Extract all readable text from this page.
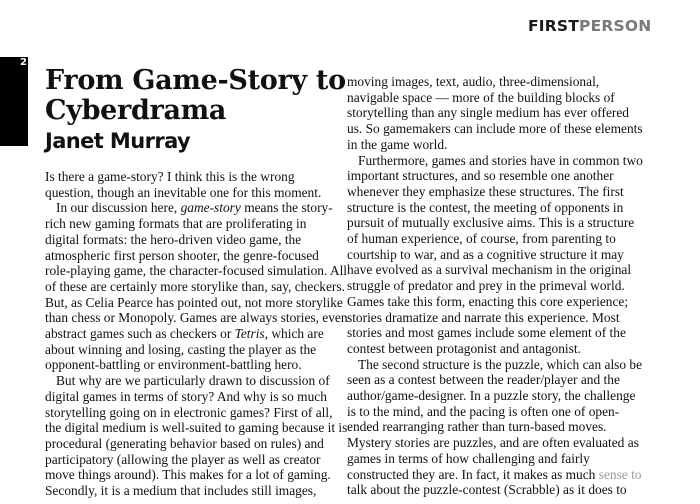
FIRSTPERSON
2
From Game-Story to
Cyberdrama
Janet Murray
Is there a game-story? I think this is the wrong
question, though an inevitable one for this moment.
In our discussion here, game-story means the story-
rich new gaming formats that are proliferating in
digital formats: the hero-driven video game, the
atmospheric first person shooter, the genre-focused
role-playing game, the character-focused simulation. All
of these are certainly more storylike than, say, checkers.
But, as Celia Pearce has pointed out, not more storylike
than chess or Monopoly. Games are always stories, even
abstract games such as checkers or Tetris, which are
about winning and losing, casting the player as the
opponent-battling or environment-battling hero.
But why are we particularly drawn to discussion of
digital games in terms of story? And why is so much
storytelling going on in electronic games? First of all,
the digital medium is well-suited to gaming because it is
procedural (generating behavior based on rules) and
participatory (allowing the player as well as creator
move things around). This makes for a lot of gaming.
Secondly, it is a medium that includes still images,
moving images, text, audio, three-dimensional,
navigable space — more of the building blocks of
storytelling than any single medium has ever offered
us. So gamemakers can include more of these elements
in the game world.
Furthermore, games and stories have in common two
important structures, and so resemble one another
whenever they emphasize these structures. The first
structure is the contest, the meeting of opponents in
pursuit of mutually exclusive aims. This is a structure
of human experience, of course, from parenting to
courtship to war, and as a cognitive structure it may
have evolved as a survival mechanism in the original
struggle of predator and prey in the primeval world.
Games take this form, enacting this core experience;
stories dramatize and narrate this experience. Most
stories and most games include some element of the
contest between protagonist and antagonist.
The second structure is the puzzle, which can also be
seen as a contest between the reader/player and the
author/game-designer. In a puzzle story, the challenge
is to the mind, and the pacing is often one of open-
ended rearranging rather than turn-based moves.
Mystery stories are puzzles, and are often evaluated as
games in terms of how challenging and fairly
constructed they are. In fact, it makes as much sense to
talk about the puzzle-contest (Scrabble) as it does to
